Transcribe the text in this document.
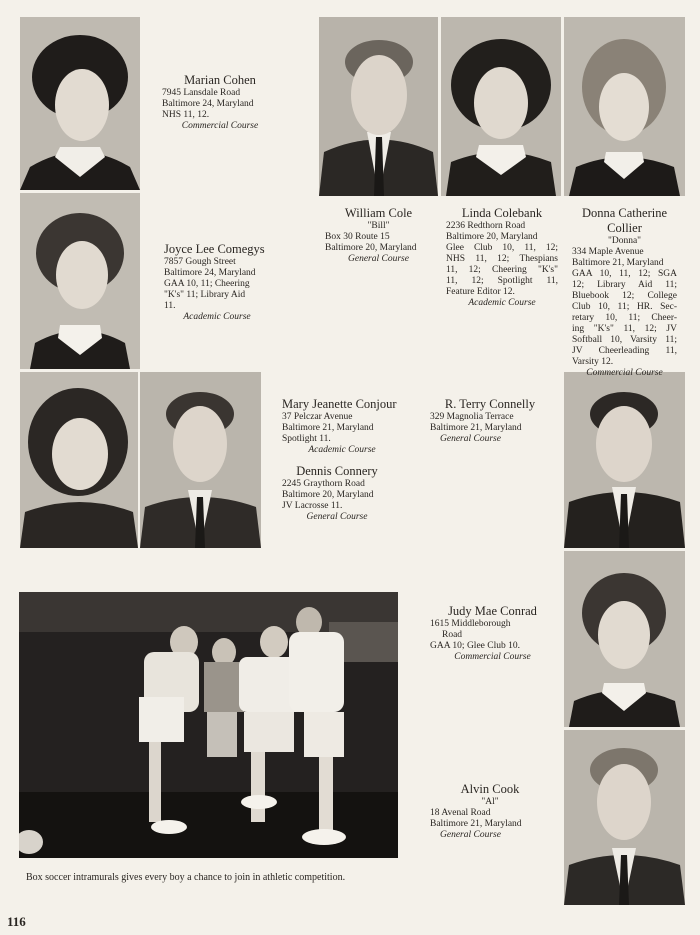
Marian Cohen
7945 Lansdale Road
Baltimore 24, Maryland
NHS 11, 12.
Commercial Course
William Cole
"Bill"
Box 30 Route 15
Baltimore 20, Maryland
General Course
Linda Colebank
2236 Redthorn Road
Baltimore 20, Maryland
Glee Club 10, 11, 12;
NHS 11, 12; Thespians
11, 12; Cheering "K's"
11, 12; Spotlight 11,
Feature Editor 12.
Academic Course
Donna Catherine
Collier
"Donna"
334 Maple Avenue
Baltimore 21, Maryland
GAA 10, 11, 12; SGA
12; Library Aid 11;
Bluebook 12; College
Club 10, 11; HR. Sec-
retary 10, 11; Cheer-
ing "K's" 11, 12; JV
Softball 10, Varsity 11;
JV Cheerleading 11,
Varsity 12.
Commercial Course
Joyce Lee Comegys
7857 Gough Street
Baltimore 24, Maryland
GAA 10, 11; Cheering
"K's" 11; Library Aid
11.
Academic Course
Mary Jeanette Conjour
37 Pelczar Avenue
Baltimore 21, Maryland
Spotlight 11.
Academic Course
Dennis Connery
2245 Graythorn Road
Baltimore 20, Maryland
JV Lacrosse 11.
General Course
R. Terry Connelly
329 Magnolia Terrace
Baltimore 21, Maryland
General Course
Judy Mae Conrad
1615 Middleborough
Road
GAA 10; Glee Club 10.
Commercial Course
Alvin Cook
"Al"
18 Avenal Road
Baltimore 21, Maryland
General Course
Box soccer intramurals gives every boy a chance to join in athletic competition.
116
